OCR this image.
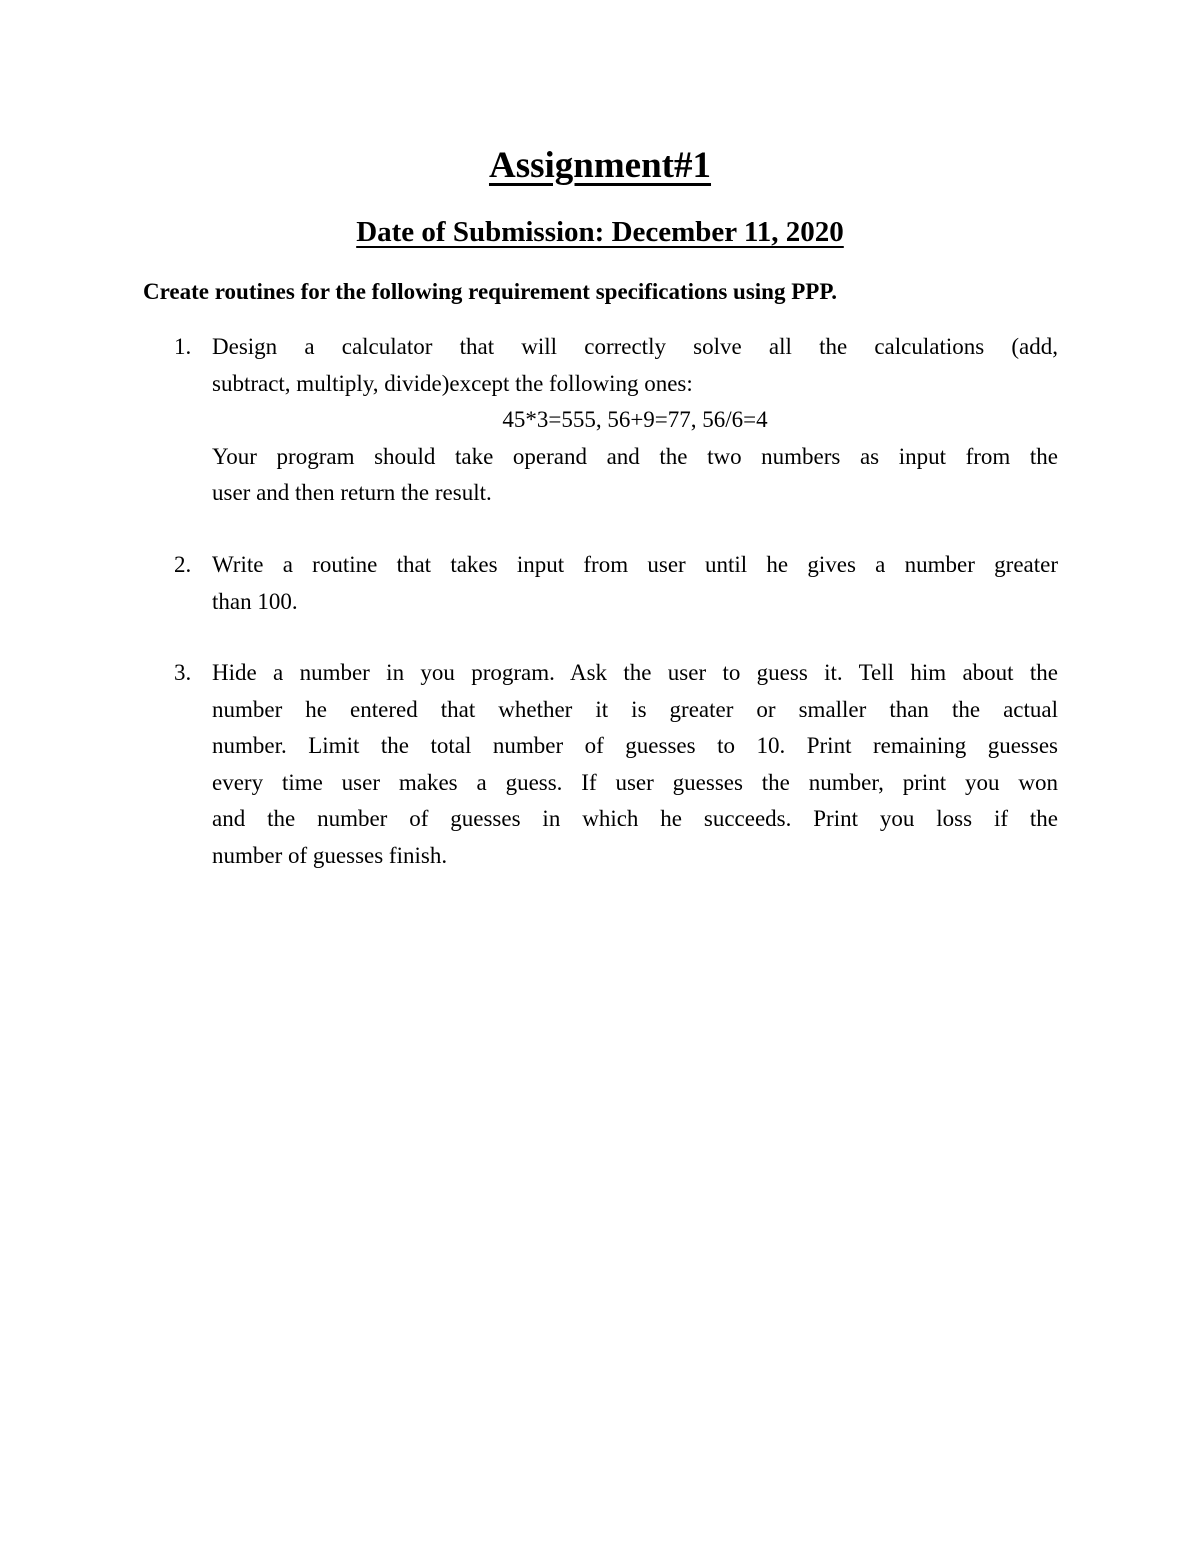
Assignment#1
Date of Submission: December 11, 2020
Create routines for the following requirement specifications using PPP.
1. Design a calculator that will correctly solve all the calculations (add,
subtract, multiply, divide)except the following ones:
45*3=555, 56+9=77, 56/6=4
Your program should take operand and the two numbers as input from the
user and then return the result.
2. Write a routine that takes input from user until he gives a number greater
than 100.
3. Hide a number in you program. Ask the user to guess it. Tell him about the
number he entered that whether it is greater or smaller than the actual
number. Limit the total number of guesses to 10. Print remaining guesses
every time user makes a guess. If user guesses the number, print you won
and the number of guesses in which he succeeds. Print you loss if the
number of guesses finish.
